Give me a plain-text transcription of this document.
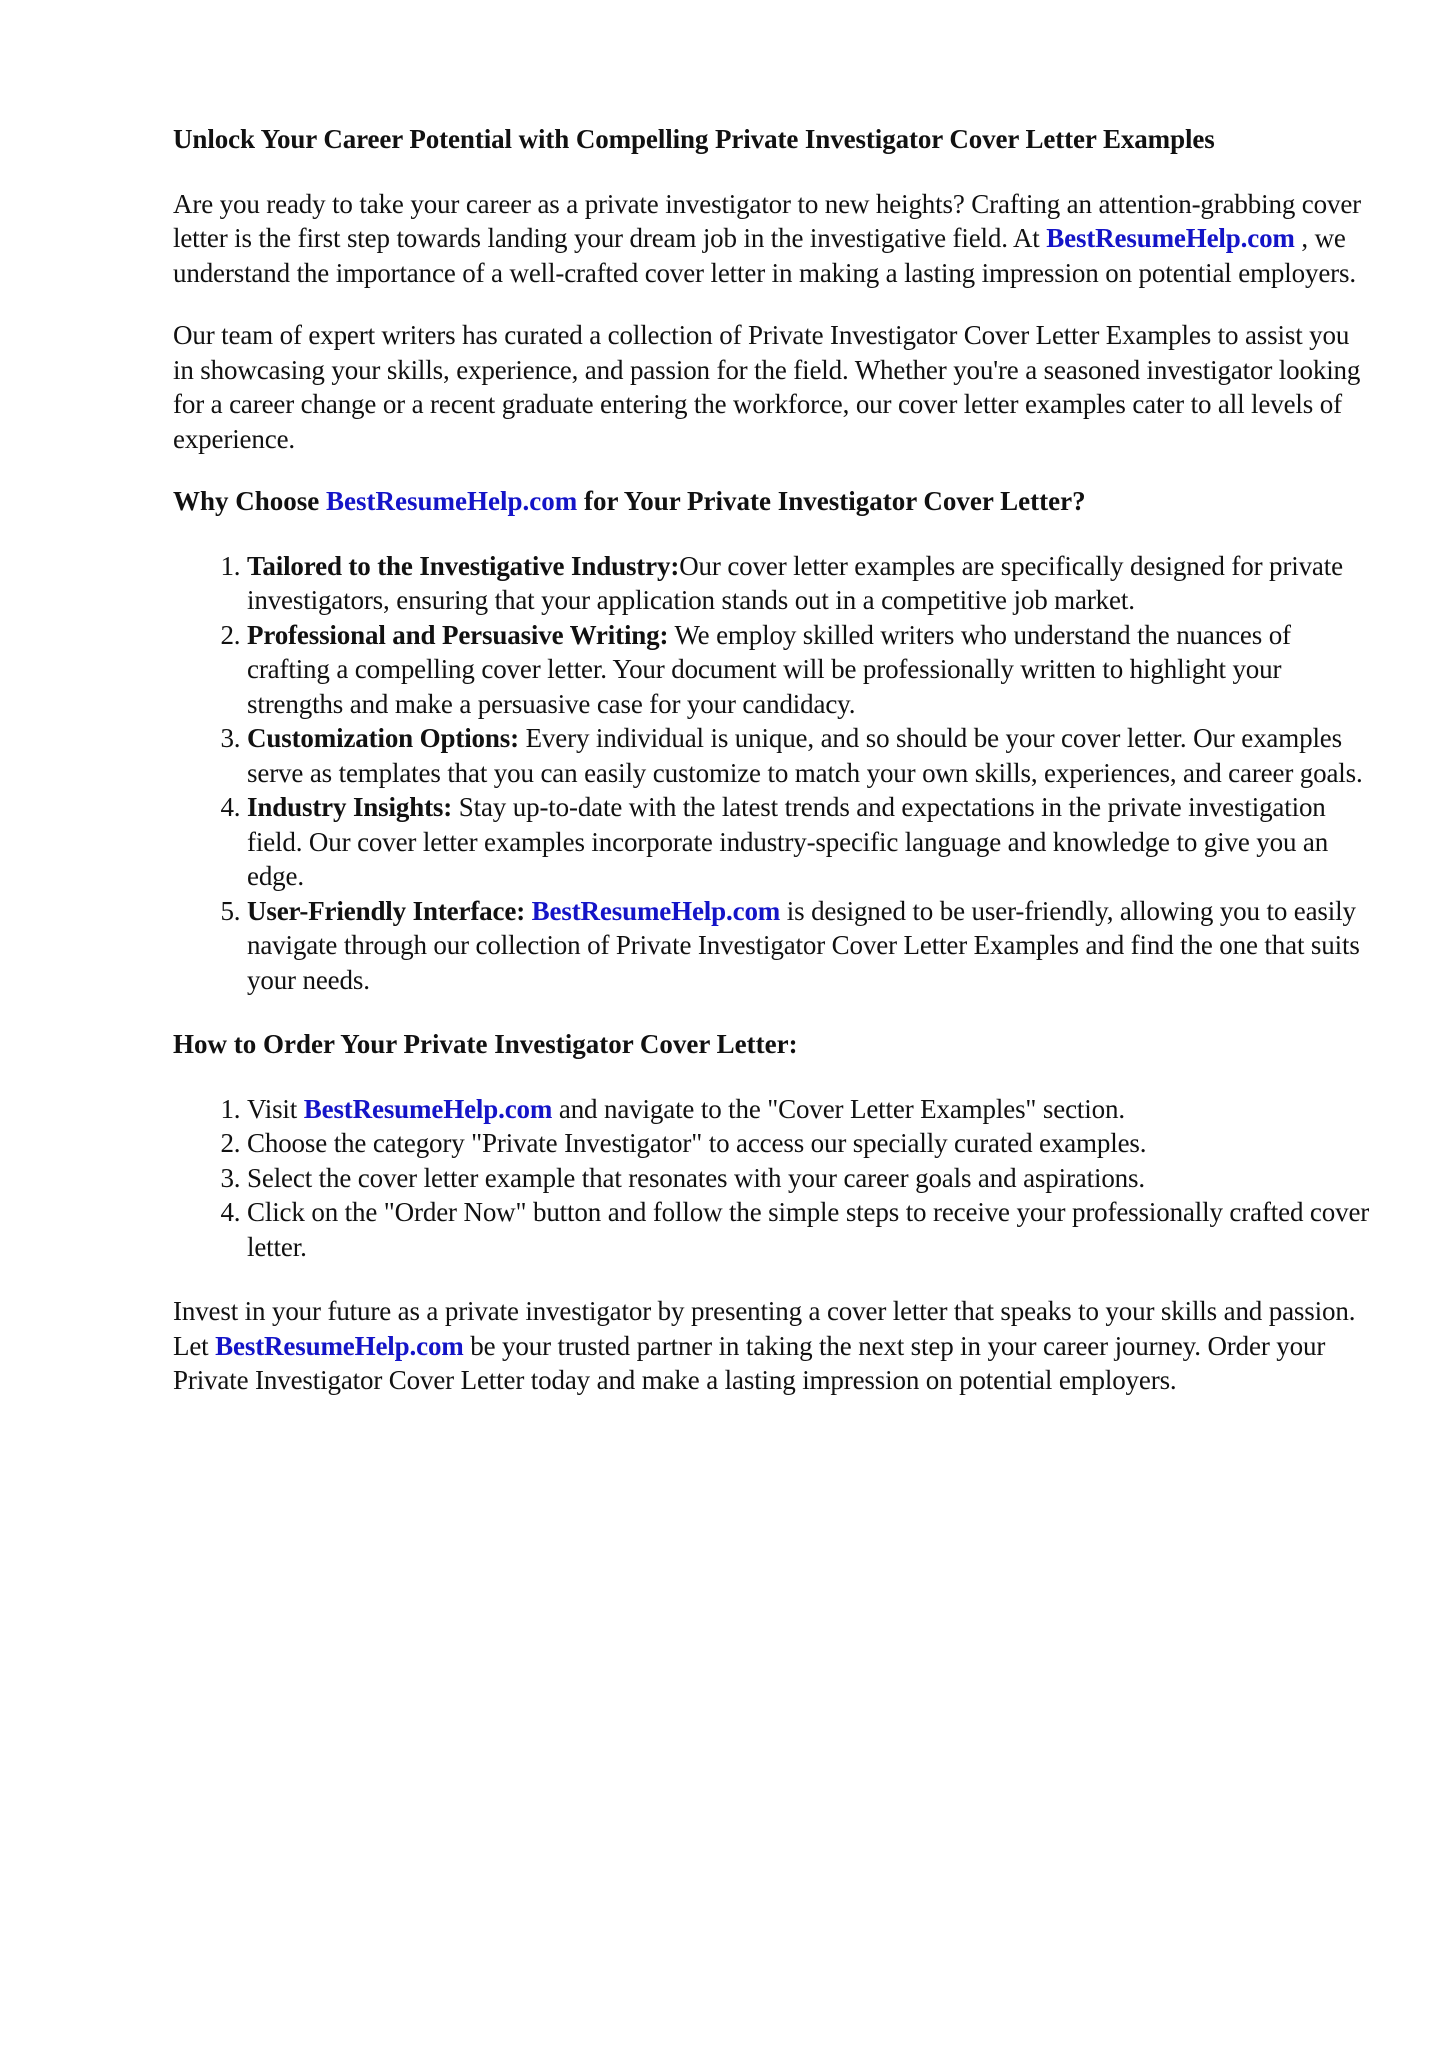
Unlock Your Career Potential with Compelling Private Investigator Cover Letter Examples

Are you ready to take your career as a private investigator to new heights? Crafting an attention-grabbing cover letter is the first step towards landing your dream job in the investigative field. At BestResumeHelp.com , we understand the importance of a well-crafted cover letter in making a lasting impression on potential employers.

Our team of expert writers has curated a collection of Private Investigator Cover Letter Examples to assist you in showcasing your skills, experience, and passion for the field. Whether you're a seasoned investigator looking for a career change or a recent graduate entering the workforce, our cover letter examples cater to all levels of experience.

Why Choose BestResumeHelp.com for Your Private Investigator Cover Letter?
1. Tailored to the Investigative Industry:Our cover letter examples are specifically designed for private investigators, ensuring that your application stands out in a competitive job market.
2. Professional and Persuasive Writing: We employ skilled writers who understand the nuances of crafting a compelling cover letter. Your document will be professionally written to highlight your strengths and make a persuasive case for your candidacy.
3. Customization Options: Every individual is unique, and so should be your cover letter. Our examples serve as templates that you can easily customize to match your own skills, experiences, and career goals.
4. Industry Insights: Stay up-to-date with the latest trends and expectations in the private investigation field. Our cover letter examples incorporate industry-specific language and knowledge to give you an edge.
5. User-Friendly Interface: BestResumeHelp.com is designed to be user-friendly, allowing you to easily navigate through our collection of Private Investigator Cover Letter Examples and find the one that suits your needs.
How to Order Your Private Investigator Cover Letter:
1. Visit BestResumeHelp.com and navigate to the "Cover Letter Examples" section.
2. Choose the category "Private Investigator" to access our specially curated examples.
3. Select the cover letter example that resonates with your career goals and aspirations.
4. Click on the "Order Now" button and follow the simple steps to receive your professionally crafted cover letter.

Invest in your future as a private investigator by presenting a cover letter that speaks to your skills and passion. Let BestResumeHelp.com be your trusted partner in taking the next step in your career journey. Order your Private Investigator Cover Letter today and make a lasting impression on potential employers.
